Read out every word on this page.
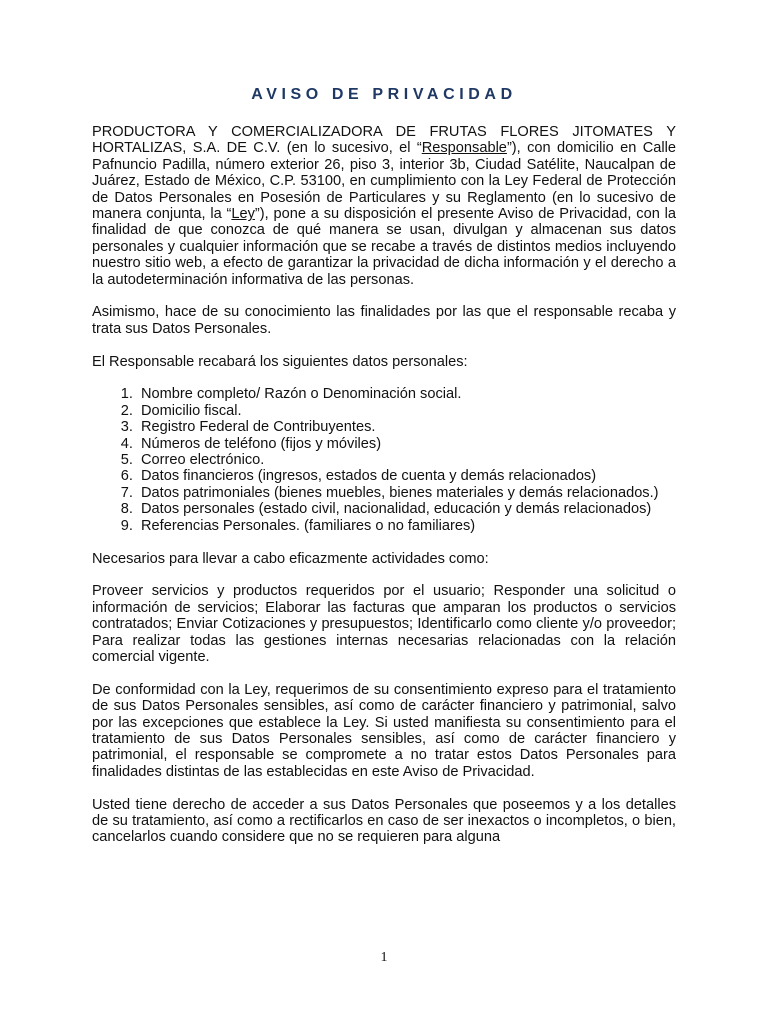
AVISO DE PRIVACIDAD

PRODUCTORA Y COMERCIALIZADORA DE FRUTAS FLORES JITOMATES Y HORTALIZAS, S.A. DE C.V. (en lo sucesivo, el “Responsable”), con domicilio en Calle Pafnuncio Padilla, número exterior 26, piso 3, interior 3b, Ciudad Satélite, Naucalpan de Juárez, Estado de México, C.P. 53100, en cumplimiento con la Ley Federal de Protección de Datos Personales en Posesión de Particulares y su Reglamento (en lo sucesivo de manera conjunta, la “Ley”), pone a su disposición el presente Aviso de Privacidad, con la finalidad de que conozca de qué manera se usan, divulgan y almacenan sus datos personales y cualquier información que se recabe a través de distintos medios incluyendo nuestro sitio web, a efecto de garantizar la privacidad de dicha información y el derecho a la autodeterminación informativa de las personas.

Asimismo, hace de su conocimiento las finalidades por las que el responsable recaba y trata sus Datos Personales.

El Responsable recabará los siguientes datos personales:

1. Nombre completo/ Razón o Denominación social.
2. Domicilio fiscal.
3. Registro Federal de Contribuyentes.
4. Números de teléfono (fijos y móviles)
5. Correo electrónico.
6. Datos financieros (ingresos, estados de cuenta y demás relacionados)
7. Datos patrimoniales (bienes muebles, bienes materiales y demás relacionados.)
8. Datos personales (estado civil, nacionalidad, educación y demás relacionados)
9. Referencias Personales. (familiares o no familiares)

Necesarios para llevar a cabo eficazmente actividades como:

Proveer servicios y productos requeridos por el usuario; Responder una solicitud o información de servicios; Elaborar las facturas que amparan los productos o servicios contratados; Enviar Cotizaciones y presupuestos; Identificarlo como cliente y/o proveedor; Para realizar todas las gestiones internas necesarias relacionadas con la relación comercial vigente.

De conformidad con la Ley, requerimos de su consentimiento expreso para el tratamiento de sus Datos Personales sensibles, así como de carácter financiero y patrimonial, salvo por las excepciones que establece la Ley. Si usted manifiesta su consentimiento para el tratamiento de sus Datos Personales sensibles, así como de carácter financiero y patrimonial, el responsable se compromete a no tratar estos Datos Personales para finalidades distintas de las establecidas en este Aviso de Privacidad.

Usted tiene derecho de acceder a sus Datos Personales que poseemos y a los detalles de su tratamiento, así como a rectificarlos en caso de ser inexactos o incompletos, o bien, cancelarlos cuando considere que no se requieren para alguna

1
